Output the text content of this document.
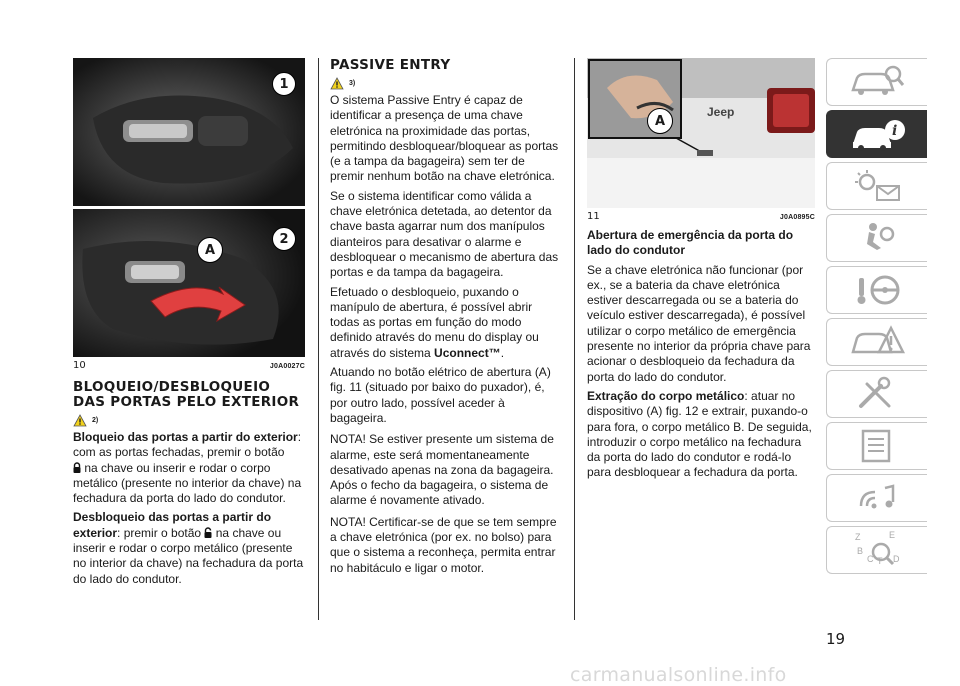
1
2
A
10	J0A0027C
BLOQUEIO/DESBLOQUEIO DAS PORTAS PELO EXTERIOR
2)

Bloqueio das portas a partir do exterior: com as portas fechadas, premir o botão
na chave ou inserir e rodar o corpo metálico (presente no interior da chave) na fechadura da porta do lado do condutor.

Desbloqueio das portas a partir do exterior: premir o botão  na chave ou inserir e rodar o corpo metálico (presente no interior da chave) na fechadura da porta do lado do condutor.

PASSIVE ENTRY
3)

O sistema Passive Entry é capaz de identificar a presença de uma chave eletrónica na proximidade das portas, permitindo desbloquear/bloquear as portas (e a tampa da bagageira) sem ter de premir nenhum botão na chave eletrónica.

Se o sistema identificar como válida a chave eletrónica detetada, ao detentor da chave basta agarrar num dos manípulos dianteiros para desativar o alarme e desbloquear o mecanismo de abertura das portas e da tampa da bagageira.

Efetuado o desbloqueio, puxando o manípulo de abertura, é possível abrir todas as portas em função do modo definido através do menu do display ou através do sistema Uconnect™.

Atuando no botão elétrico de abertura (A) fig. 11 (situado por baixo do puxador), é, por outro lado, possível aceder à bagageira.

NOTA! Se estiver presente um sistema de alarme, este será momentaneamente desativado apenas na zona da bagageira. Após o fecho da bagageira, o sistema de alarme é novamente ativado.

NOTA! Certificar-se de que se tem sempre a chave eletrónica (por ex. no bolso) para que o sistema a reconheça, permita entrar no habitáculo e ligar o motor.

Jeep
A
11	J0A0895C

Abertura de emergência da porta do lado do condutor

Se a chave eletrónica não funcionar (por ex., se a bateria da chave eletrónica estiver descarregada ou se a bateria do veículo estiver descarregada), é possível utilizar o corpo metálico de emergência presente no interior da própria chave para acionar o desbloqueio da fechadura da porta do lado do condutor.

Extração do corpo metálico: atuar no dispositivo (A) fig. 12 e extrair, puxando-o para fora, o corpo metálico B. De seguida, introduzir o corpo metálico na fechadura da porta do lado do condutor e rodá-lo para desbloquear a fechadura da porta.

i
Z	E
B
C T D
19
carmanualsonline.info
